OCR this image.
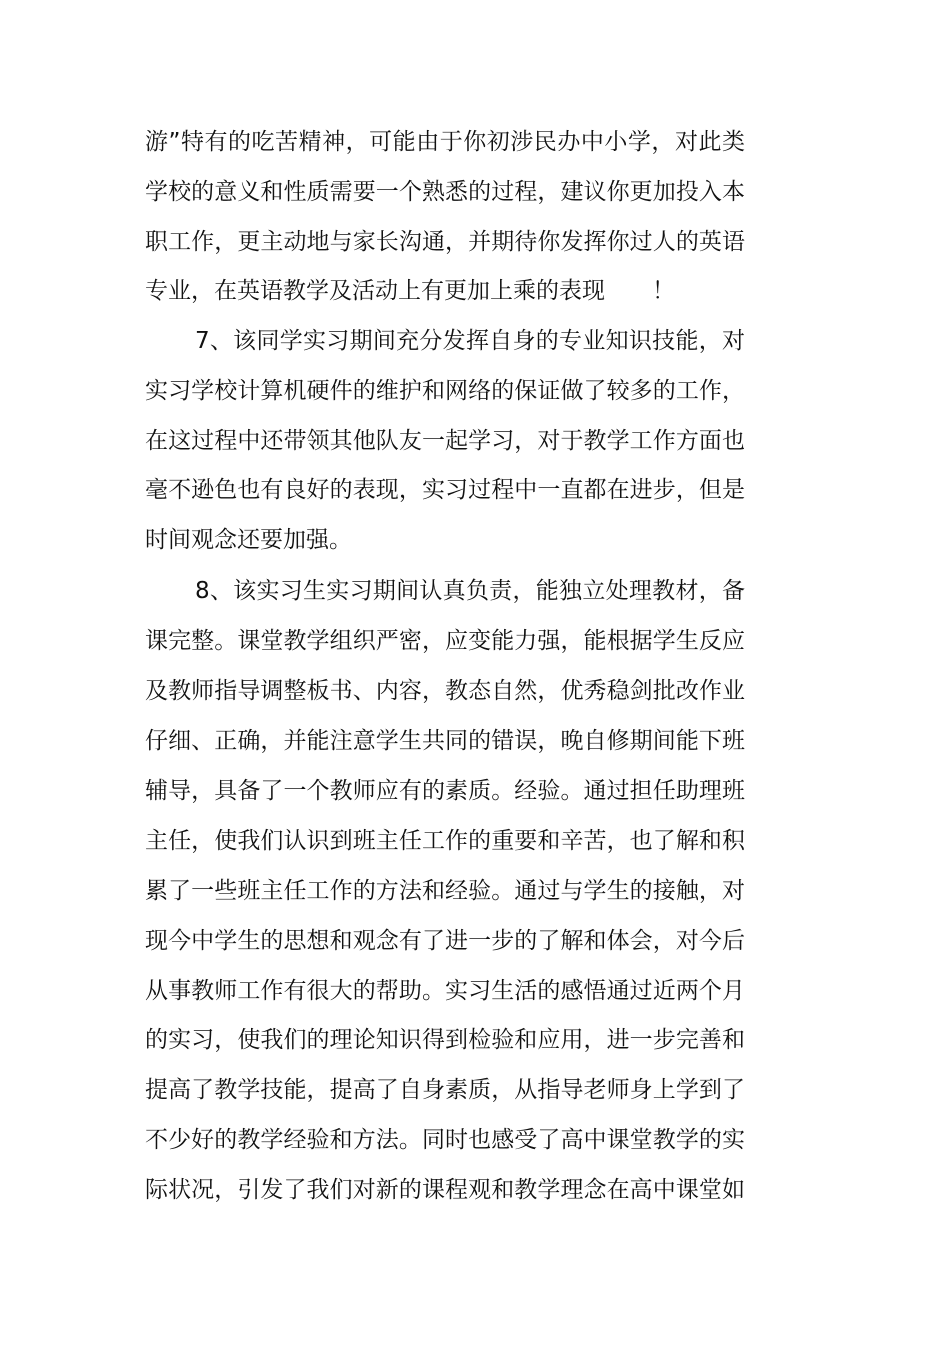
游”特有的吃苦精神，可能由于你初涉民办中小学，对此类
学校的意义和性质需要一个熟悉的过程，建议你更加投入本
职工作，更主动地与家长沟通，并期待你发挥你过人的英语
专业，在英语教学及活动上有更加上乘的表现	！
7、该同学实习期间充分发挥自身的专业知识技能，对
实习学校计算机硬件的维护和网络的保证做了较多的工作，
在这过程中还带领其他队友一起学习，对于教学工作方面也
毫不逊色也有良好的表现，实习过程中一直都在进步，但是
时间观念还要加强。
8、该实习生实习期间认真负责，能独立处理教材，备
课完整。课堂教学组织严密，应变能力强，能根据学生反应
及教师指导调整板书、内容，教态自然，优秀稳剑批改作业
仔细、正确，并能注意学生共同的错误，晚自修期间能下班
辅导，具备了一个教师应有的素质。经验。通过担任助理班
主任，使我们认识到班主任工作的重要和辛苦，也了解和积
累了一些班主任工作的方法和经验。通过与学生的接触，对
现今中学生的思想和观念有了进一步的了解和体会，对今后
从事教师工作有很大的帮助。实习生活的感悟通过近两个月
的实习，使我们的理论知识得到检验和应用，进一步完善和
提高了教学技能，提高了自身素质，从指导老师身上学到了
不少好的教学经验和方法。同时也感受了高中课堂教学的实
际状况，引发了我们对新的课程观和教学理念在高中课堂如
